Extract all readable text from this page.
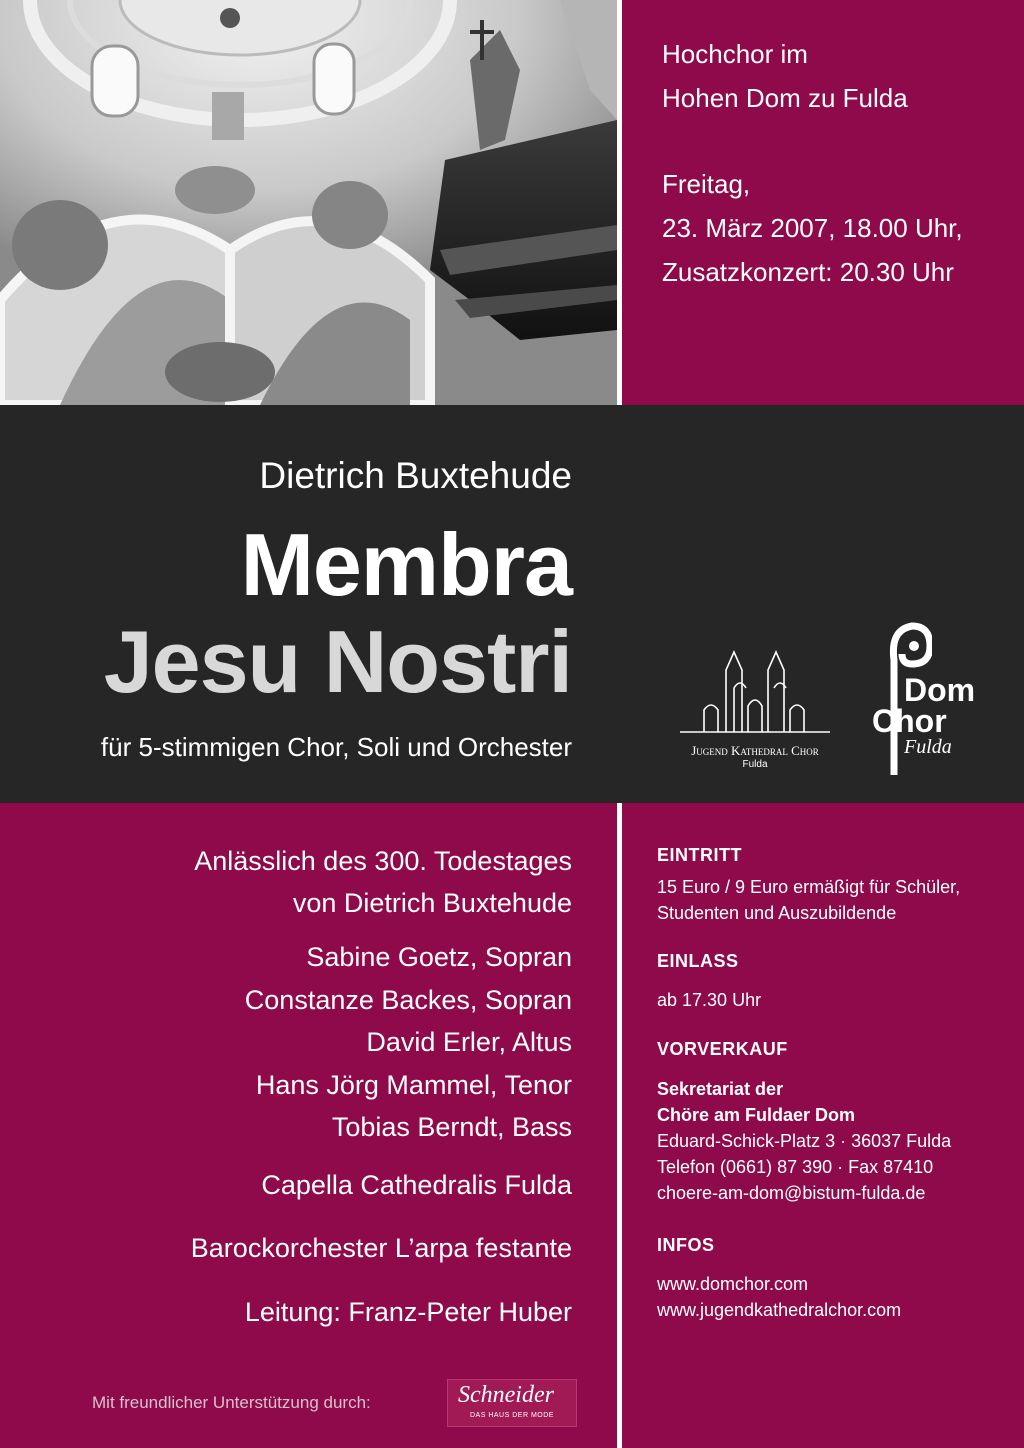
Hochchor im
Hohen Dom zu Fulda
Freitag,
23. März 2007, 18.00 Uhr,
Zusatzkonzert: 20.30 Uhr
Dietrich Buxtehude
Membra
Jesu Nostri
für 5-stimmigen Chor, Soli und Orchester	Jugend Kathedral Chor
Fulda
Dom
Chor
Fulda
Anlässlich des 300. Todestages
von Dietrich Buxtehude
Sabine Goetz, Sopran
Constanze Backes, Sopran
David Erler, Altus
Hans Jörg Mammel, Tenor
Tobias Berndt, Bass
Capella Cathedralis Fulda
Barockorchester L’arpa festante
Leitung: Franz-Peter Huber
Mit freundlicher Unterstützung durch:	Schneider
DAS HAUS DER MODE
EINTRITT
15 Euro / 9 Euro ermäßigt für Schüler,
Studenten und Auszubildende
EINLASS
ab 17.30 Uhr
VORVERKAUF
Sekretariat der
Chöre am Fuldaer Dom
Eduard-Schick-Platz 3 · 36037 Fulda
Telefon (0661) 87 390 · Fax 87410
choere-am-dom@bistum-fulda.de
INFOS
www.domchor.com
www.jugendkathedralchor.com
